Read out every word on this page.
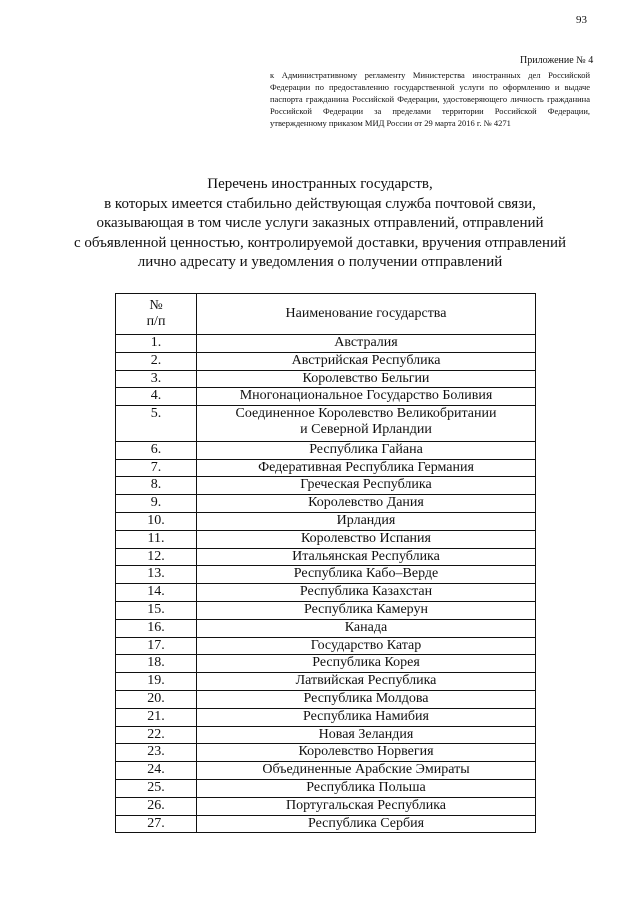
93
Приложение № 4
к Административному регламенту Министерства иностранных дел Российской Федерации по предоставлению государственной услуги по оформлению и выдаче паспорта гражданина Российской Федерации, удостоверяющего личность гражданина Российской Федерации за пределами территории Российской Федерации, утвержденному приказом МИД России от 29 марта 2016 г. № 4271
Перечень иностранных государств,
в которых имеется стабильно действующая служба почтовой связи,
оказывающая в том числе услуги заказных отправлений, отправлений
с объявленной ценностью, контролируемой доставки, вручения отправлений
лично адресату и уведомления о получении отправлений
№
п/п	Наименование государства
1.	Австралия

2.	Австрийская Республика

3.	Королевство Бельгии

4.	Многонациональное Государство Боливия

5.	Соединенное Королевство Великобритании
и Северной Ирландии

6.	Республика Гайана

7.	Федеративная Республика Германия

8.	Греческая Республика

9.	Королевство Дания

10.	Ирландия

11.	Королевство Испания

12.	Итальянская Республика

13.	Республика Кабо–Верде

14.	Республика Казахстан

15.	Республика Камерун

16.	Канада

17.	Государство Катар

18.	Республика Корея

19.	Латвийская Республика

20.	Республика Молдова

21.	Республика Намибия

22.	Новая Зеландия

23.	Королевство Норвегия

24.	Объединенные Арабские Эмираты

25.	Республика Польша

26.	Португальская Республика

27.	Республика Сербия
